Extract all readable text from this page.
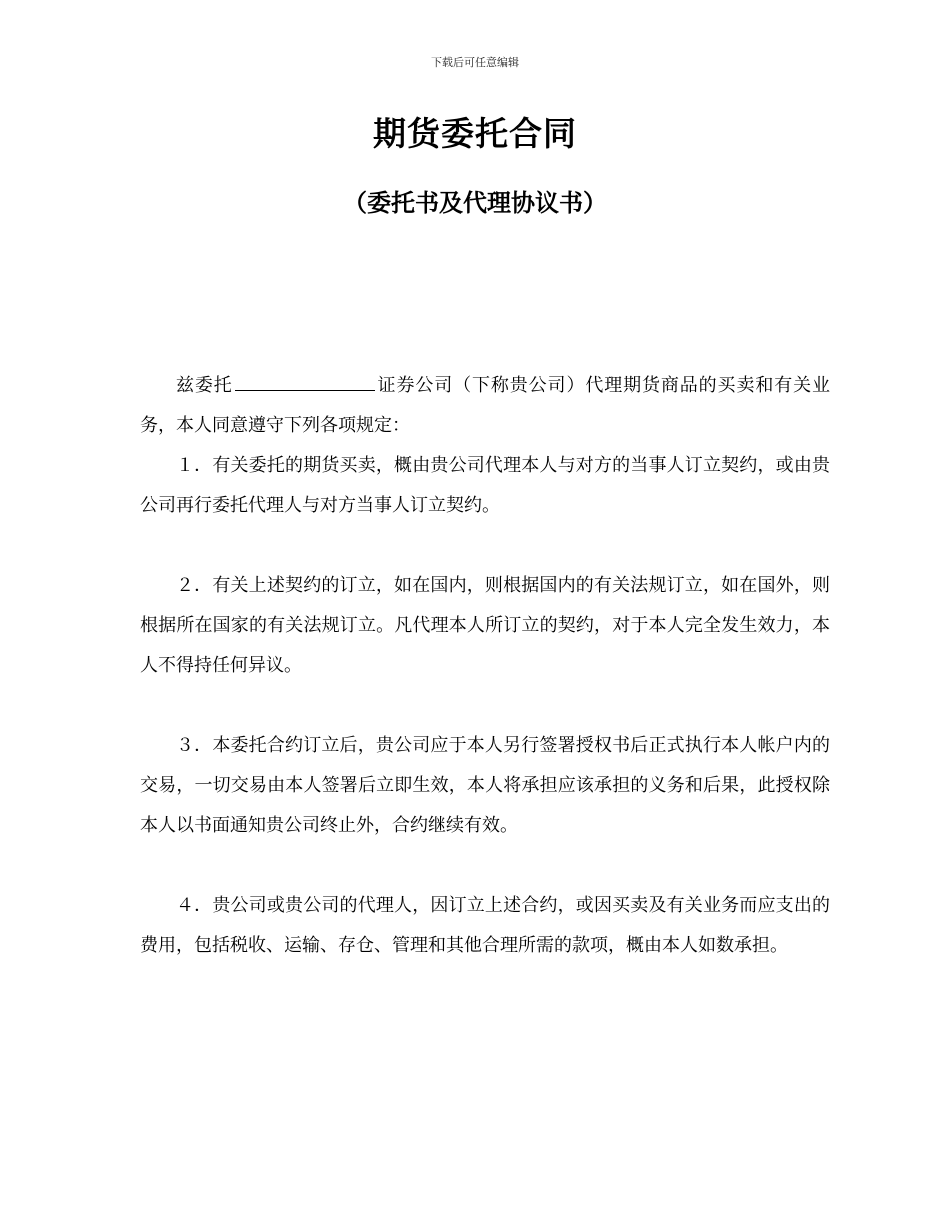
下载后可任意编辑
期货委托合同
（委托书及代理协议书）

兹委托	证券公司（下称贵公司）代理期货商品的买卖和有关业务，本人同意遵守下列各项规定：

１．有关委托的期货买卖，概由贵公司代理本人与对方的当事人订立契约，或由贵公司再行委托代理人与对方当事人订立契约。

２．有关上述契约的订立，如在国内，则根据国内的有关法规订立，如在国外，则根据所在国家的有关法规订立。凡代理本人所订立的契约，对于本人完全发生效力，本人不得持任何异议。

３．本委托合约订立后，贵公司应于本人另行签署授权书后正式执行本人帐户内的交易，一切交易由本人签署后立即生效，本人将承担应该承担的义务和后果，此授权除本人以书面通知贵公司终止外，合约继续有效。

４．贵公司或贵公司的代理人，因订立上述合约，或因买卖及有关业务而应支出的费用，包括税收、运输、存仓、管理和其他合理所需的款项，概由本人如数承担。
